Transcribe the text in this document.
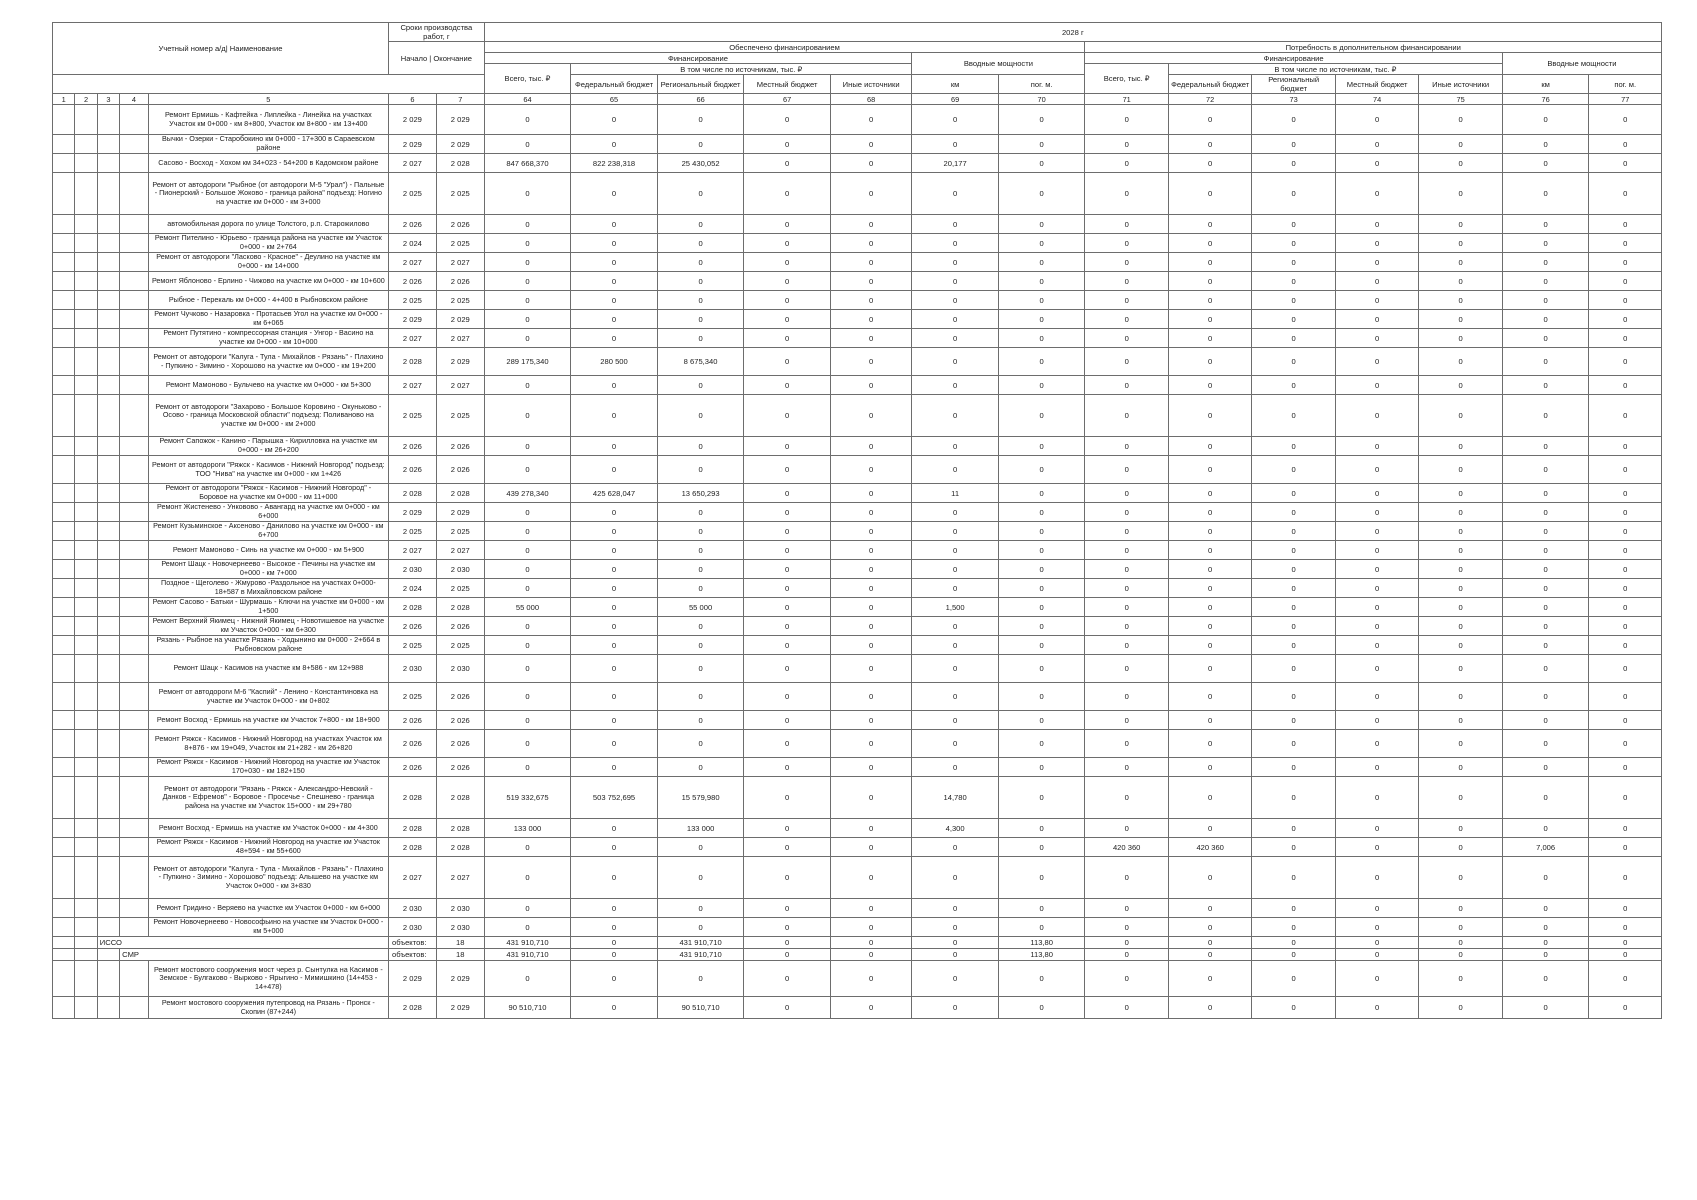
Учетный номер а/д| Наименование					Сроки производства работ, г		2028 г													
					Начало | Окончание		Обеспечено финансированием							Потребность в дополнительном финансировании						
							Финансирование					Вводные мощности		Финансирование					Вводные мощности	
							Всего, тыс. ₽	В том числе по источникам, тыс. ₽						Всего, тыс. ₽	В том числе по источникам, тыс. ₽					
								Федеральный бюджет	Региональный бюджет	Местный бюджет	Иные источники	км	пог. м.		Федеральный бюджет	Региональный бюджет	Местный бюджет	Иные источники	км	пог. м.
1	2	3	4	5	6	7	64	65	66	67	68	69	70	71	72	73	74	75	76	77
				Ремонт Ермишь - Кафтейка - Липлейка - Линейка на участках Участок км 0+000 - км 8+800, Участок км 8+800 - км 13+400	2 029	2 029	0	0	0	0	0	0	0	0	0	0	0	0	0	0
				Вычки - Озерки - Старобокино км 0+000 - 17+300 в Сараевском районе	2 029	2 029	0	0	0	0	0	0	0	0	0	0	0	0	0	0
				Сасово - Восход - Хохом км 34+023 - 54+200 в Кадомском районе	2 027	2 028	847 668,370	822 238,318	25 430,052	0	0	20,177	0	0	0	0	0	0	0	0
				Ремонт от автодороги "Рыбное (от автодороги М-5 "Урал") - Пальные - Пионерский - Большое Жоково - граница района" подъезд: Ногино на участке км 0+000 - км 3+000	2 025	2 025	0	0	0	0	0	0	0	0	0	0	0	0	0	0
				автомобильная дорога по улице Толстого, р.п. Старожилово	2 026	2 026	0	0	0	0	0	0	0	0	0	0	0	0	0	0
				Ремонт Пителино - Юрьево - граница района на участке км Участок 0+000 - км 2+764	2 024	2 025	0	0	0	0	0	0	0	0	0	0	0	0	0	0
				Ремонт от автодороги "Ласково - Красное" - Деулино на участке км 0+000 - км 14+000	2 027	2 027	0	0	0	0	0	0	0	0	0	0	0	0	0	0
				Ремонт Яблоново - Ерлино - Чижово на участке км 0+000 - км 10+600	2 026	2 026	0	0	0	0	0	0	0	0	0	0	0	0	0	0
				Рыбное - Перекаль км 0+000 - 4+400 в Рыбновском районе	2 025	2 025	0	0	0	0	0	0	0	0	0	0	0	0	0	0
				Ремонт Чучково - Назаровка - Протасьев Угол на участке км 0+000 - км 6+065	2 029	2 029	0	0	0	0	0	0	0	0	0	0	0	0	0	0
				Ремонт Путятино - компрессорная станция - Унгор - Васино на участке км 0+000 - км 10+000	2 027	2 027	0	0	0	0	0	0	0	0	0	0	0	0	0	0
				Ремонт от автодороги "Калуга - Тула - Михайлов - Рязань" - Плахино - Пупкино - Зимино - Хорошово на участке км 0+000 - км 19+200	2 028	2 029	289 175,340	280 500	8 675,340	0	0	0	0	0	0	0	0	0	0	0
				Ремонт Мамоново - Бульчево на участке км 0+000 - км 5+300	2 027	2 027	0	0	0	0	0	0	0	0	0	0	0	0	0	0
				Ремонт от автодороги "Захарово - Большое Коровино - Окуньково - Осово - граница Московской области" подъезд: Поливаново на участке км 0+000 - км 2+000	2 025	2 025	0	0	0	0	0	0	0	0	0	0	0	0	0	0
				Ремонт Сапожок - Канино - Парышка - Кирилловка на участке км 0+000 - км 26+200	2 026	2 026	0	0	0	0	0	0	0	0	0	0	0	0	0	0
				Ремонт от автодороги "Ряжск - Касимов - Нижний Новгород" подъезд: ТОО "Нива" на участке км 0+000 - км 1+426	2 026	2 026	0	0	0	0	0	0	0	0	0	0	0	0	0	0
				Ремонт от автодороги "Ряжск - Касимов - Нижний Новгород" - Боровое на участке км 0+000 - км 11+000	2 028	2 028	439 278,340	425 628,047	13 650,293	0	0	11	0	0	0	0	0	0	0	0
				Ремонт Жистенево - Унковово - Авангард на участке км 0+000 - км 6+000	2 029	2 029	0	0	0	0	0	0	0	0	0	0	0	0	0	0
				Ремонт Кузьминское - Аксеново - Данилово на участке км 0+000 - км 6+700	2 025	2 025	0	0	0	0	0	0	0	0	0	0	0	0	0	0
				Ремонт Мамоново - Синь на участке км 0+000 - км 5+900	2 027	2 027	0	0	0	0	0	0	0	0	0	0	0	0	0	0
				Ремонт Шацк - Новочернеево - Высокое - Печины на участке км 0+000 - км 7+000	2 030	2 030	0	0	0	0	0	0	0	0	0	0	0	0	0	0
				Поздное - Щеголево - Жмурово -Раздольное на участках 0+000-18+587 в Михайловском районе	2 024	2 025	0	0	0	0	0	0	0	0	0	0	0	0	0	0
				Ремонт Сасово - Батьки - Шурмашь - Ключи на участке км 0+000 - км 1+500	2 028	2 028	55 000	0	55 000	0	0	1,500	0	0	0	0	0	0	0	0
				Ремонт Верхний Якимец - Нижний Якимец - Новотишевое на участке км Участок 0+000 - км 6+300	2 026	2 026	0	0	0	0	0	0	0	0	0	0	0	0	0	0
				Рязань - Рыбное на участке Рязань - Ходынино км 0+000 - 2+664 в Рыбновском районе	2 025	2 025	0	0	0	0	0	0	0	0	0	0	0	0	0	0
				Ремонт Шацк - Касимов на участке км 8+586 - км 12+988	2 030	2 030	0	0	0	0	0	0	0	0	0	0	0	0	0	0
				Ремонт от автодороги М-6 "Каспий" - Ленино - Константиновка на участке км Участок 0+000 - км 0+802	2 025	2 026	0	0	0	0	0	0	0	0	0	0	0	0	0	0
				Ремонт Восход - Ермишь на участке км Участок 7+800 - км 18+900	2 026	2 026	0	0	0	0	0	0	0	0	0	0	0	0	0	0
				Ремонт Ряжск - Касимов - Нижний Новгород на участках Участок км 8+876 - км 19+049, Участок км 21+282 - км 26+820	2 026	2 026	0	0	0	0	0	0	0	0	0	0	0	0	0	0
				Ремонт Ряжск - Касимов - Нижний Новгород на участке км Участок 170+030 - км 182+150	2 026	2 026	0	0	0	0	0	0	0	0	0	0	0	0	0	0
				Ремонт от автодороги "Рязань - Ряжск - Александро-Невский - Данков - Ефремов" - Боровое - Просечье - Спешнево - граница района на участке км Участок 15+000 - км 29+780	2 028	2 028	519 332,675	503 752,695	15 579,980	0	0	14,780	0	0	0	0	0	0	0	0
				Ремонт Восход - Ермишь на участке км Участок 0+000 - км 4+300	2 028	2 028	133 000	0	133 000	0	0	4,300	0	0	0	0	0	0	0	0
				Ремонт Ряжск - Касимов - Нижний Новгород на участке км Участок 48+594 - км 55+600	2 028	2 028	0	0	0	0	0	0	0	420 360	420 360	0	0	0	7,006	0
				Ремонт от автодороги "Калуга - Тула - Михайлов - Рязань" - Плахино - Пупкино - Зимино - Хорошово" подъезд: Алышево на участке км Участок 0+000 - км 3+830	2 027	2 027	0	0	0	0	0	0	0	0	0	0	0	0	0	0
				Ремонт Гридино - Веряево на участке км Участок 0+000 - км 6+000	2 030	2 030	0	0	0	0	0	0	0	0	0	0	0	0	0	0
				Ремонт Новочернеево - Новософьино на участке км Участок 0+000 - км 5+000	2 030	2 030	0	0	0	0	0	0	0	0	0	0	0	0	0	0
		ИССО			объектов:	18	431 910,710	0	431 910,710	0	0	0	113,80	0	0	0	0	0	0	0
			СМР		объектов:	18	431 910,710	0	431 910,710	0	0	0	113,80	0	0	0	0	0	0	0
				Ремонт мостового сооружения мост через р. Сынтулка на Касимов - Земское - Булгаково - Вырково - Ярыгино - Мимишкино (14+453 - 14+478)	2 029	2 029	0	0	0	0	0	0	0	0	0	0	0	0	0	0
				Ремонт мостового сооружения путепровод на Рязань - Пронск - Скопин (87+244)	2 028	2 029	90 510,710	0	90 510,710	0	0	0	0	0	0	0	0	0	0	0
